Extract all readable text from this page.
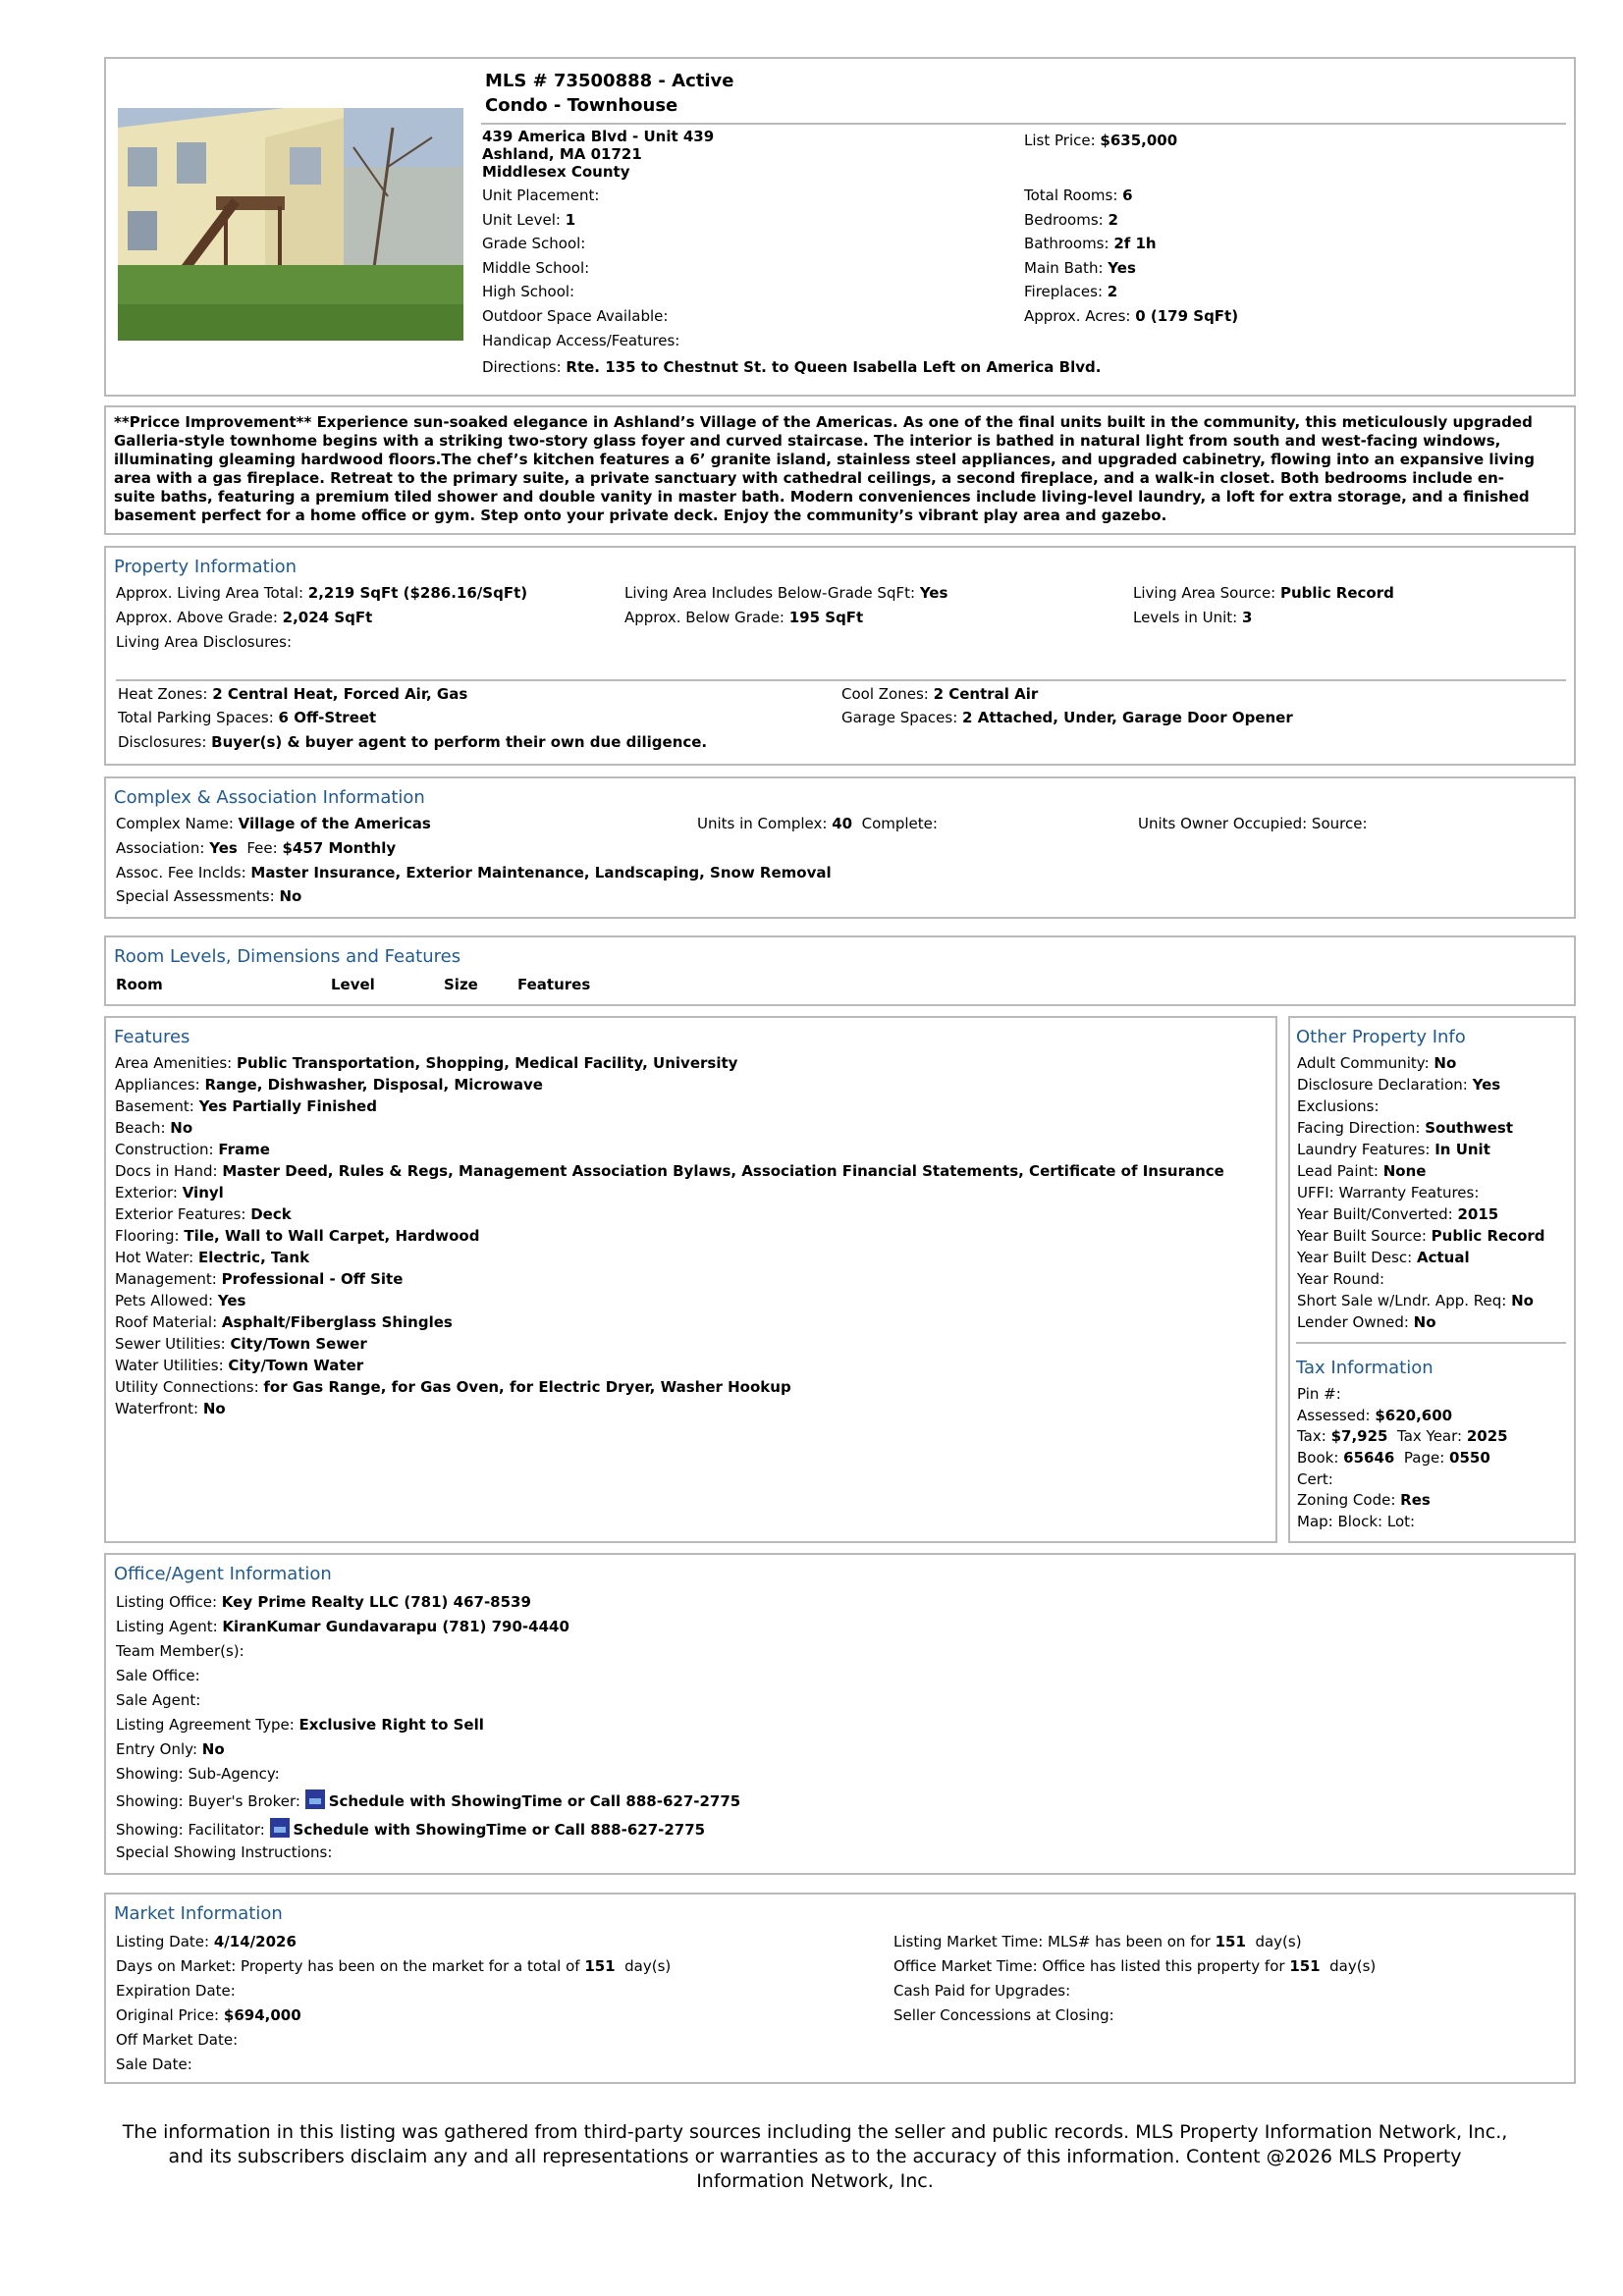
MLS # 73500888 - Active
Condo - Townhouse
439 America Blvd - Unit 439
Ashland, MA 01721
Middlesex County
List Price: $635,000
Unit Placement:
Unit Level: 1
Grade School:
Middle School:
High School:
Outdoor Space Available:
Handicap Access/Features:
Total Rooms: 6
Bedrooms: 2
Bathrooms: 2f 1h
Main Bath: Yes
Fireplaces: 2
Approx. Acres: 0 (179 SqFt)
Directions: Rte. 135 to Chestnut St. to Queen Isabella Left on America Blvd.
**Pricce Improvement** Experience sun-soaked elegance in Ashland’s Village of the Americas. As one of the final units built in the community, this meticulously upgraded Galleria-style townhome begins with a striking two-story glass foyer and curved staircase. The interior is bathed in natural light from south and west-facing windows, illuminating gleaming hardwood floors.The chef’s kitchen features a 6’ granite island, stainless steel appliances, and upgraded cabinetry, flowing into an expansive living area with a gas fireplace. Retreat to the primary suite, a private sanctuary with cathedral ceilings, a second fireplace, and a walk-in closet. Both bedrooms include en-suite baths, featuring a premium tiled shower and double vanity in master bath. Modern conveniences include living-level laundry, a loft for extra storage, and a finished basement perfect for a home office or gym. Step onto your private deck. Enjoy the community’s vibrant play area and gazebo.
Property Information
Approx. Living Area Total: 2,219 SqFt ($286.16/SqFt)	Living Area Includes Below-Grade SqFt: Yes	Living Area Source: Public Record
Approx. Above Grade: 2,024 SqFt	Approx. Below Grade: 195 SqFt	Levels in Unit: 3
Living Area Disclosures:
Heat Zones: 2 Central Heat, Forced Air, Gas	Cool Zones: 2 Central Air
Total Parking Spaces: 6 Off-Street	Garage Spaces: 2 Attached, Under, Garage Door Opener
Disclosures: Buyer(s) & buyer agent to perform their own due diligence.
Complex & Association Information
Complex Name: Village of the Americas	Units in Complex: 40 Complete:	Units Owner Occupied: Source:
Association: Yes Fee: $457 Monthly
Assoc. Fee Inclds: Master Insurance, Exterior Maintenance, Landscaping, Snow Removal
Special Assessments: No
Room Levels, Dimensions and Features
Room	Level	Size	Features
Features
Area Amenities: Public Transportation, Shopping, Medical Facility, University
Appliances: Range, Dishwasher, Disposal, Microwave
Basement: Yes Partially Finished
Beach: No
Construction: Frame
Docs in Hand: Master Deed, Rules & Regs, Management Association Bylaws, Association Financial Statements, Certificate of Insurance
Exterior: Vinyl
Exterior Features: Deck
Flooring: Tile, Wall to Wall Carpet, Hardwood
Hot Water: Electric, Tank
Management: Professional - Off Site
Pets Allowed: Yes
Roof Material: Asphalt/Fiberglass Shingles
Sewer Utilities: City/Town Sewer
Water Utilities: City/Town Water
Utility Connections: for Gas Range, for Gas Oven, for Electric Dryer, Washer Hookup
Waterfront: No
Other Property Info
Adult Community: No
Disclosure Declaration: Yes
Exclusions:
Facing Direction: Southwest
Laundry Features: In Unit
Lead Paint: None
UFFI: Warranty Features:
Year Built/Converted: 2015
Year Built Source: Public Record
Year Built Desc: Actual
Year Round:
Short Sale w/Lndr. App. Req: No
Lender Owned: No
Tax Information
Pin #:
Assessed: $620,600
Tax: $7,925 Tax Year: 2025
Book: 65646 Page: 0550
Cert:
Zoning Code: Res
Map: Block: Lot:
Office/Agent Information
Listing Office: Key Prime Realty LLC (781) 467-8539
Listing Agent: KiranKumar Gundavarapu (781) 790-4440
Team Member(s):
Sale Office:
Sale Agent:
Listing Agreement Type: Exclusive Right to Sell
Entry Only: No
Showing: Sub-Agency:
Showing: Buyer's Broker: Schedule with ShowingTime or Call 888-627-2775
Showing: Facilitator: Schedule with ShowingTime or Call 888-627-2775
Special Showing Instructions:
Market Information
Listing Date: 4/14/2026
Days on Market: Property has been on the market for a total of 151  day(s)
Expiration Date:
Original Price: $694,000
Off Market Date:
Sale Date:
Listing Market Time: MLS# has been on for 151  day(s)
Office Market Time: Office has listed this property for 151  day(s)
Cash Paid for Upgrades:
Seller Concessions at Closing:
The information in this listing was gathered from third-party sources including the seller and public records. MLS Property Information Network, Inc., and its subscribers disclaim any and all representations or warranties as to the accuracy of this information. Content @2026 MLS Property Information Network, Inc.
